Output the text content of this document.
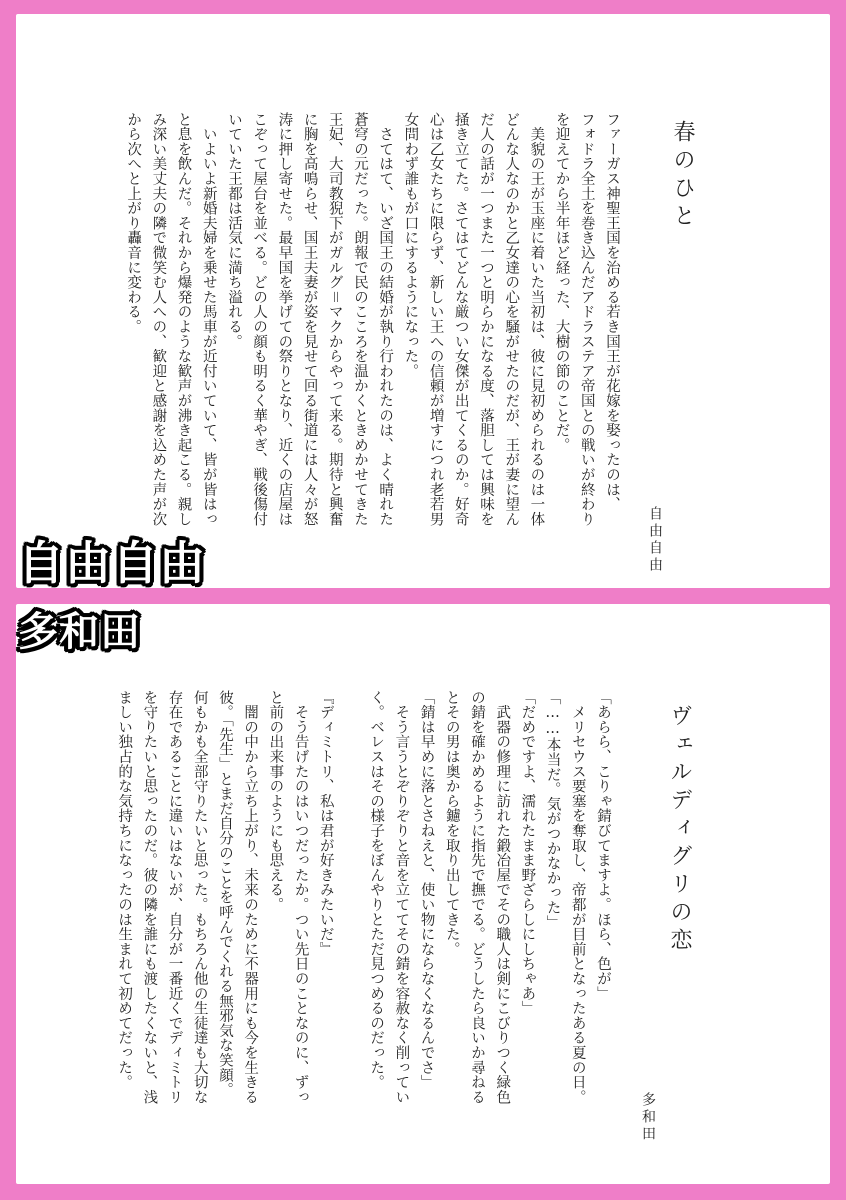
春のひと
自由自由

ファーガス神聖王国を治める若き国王が花嫁を娶ったのは、

フォドラ全土を巻き込んだアドラステア帝国との戦いが終わり

を迎えてから半年ほど経った、大樹の節のことだ。

　美貌の王が玉座に着いた当初は、彼に見初められるのは一体

どんな人なのかと乙女達の心を騒がせたのだが、王が妻に望ん

だ人の話が一つまた一つと明らかになる度、落胆しては興味を

掻き立てた。さてはてどんな厳つい女傑が出てくるのか。好奇

心は乙女たちに限らず、新しい王への信頼が増すにつれ老若男

女問わず誰もが口にするようになった。

　さてはて、いざ国王の結婚が執り行われたのは、よく晴れた

蒼穹の元だった。朗報で民のこころを温かくときめかせてきた

王妃、大司教猊下がガルグ＝マクからやって来る。期待と興奮

に胸を高鳴らせ、国王夫妻が姿を見せて回る街道には人々が怒

涛に押し寄せた。最早国を挙げての祭りとなり、近くの店屋は

こぞって屋台を並べる。どの人の顔も明るく華やぎ、戦後傷付

いていた王都は活気に満ち溢れる。

　いよいよ新婚夫婦を乗せた馬車が近付いていて、皆が皆はっ

と息を飲んだ。それから爆発のような歓声が沸き起こる。親し

み深い美丈夫の隣で微笑む人への、歓迎と感謝を込めた声が次

から次へと上がり轟音に変わる。

ヴェルディグリの恋
多和田

「あらら、こりゃ錆びてますよ。ほら、色が」

　メリセウス要塞を奪取し、帝都が目前となったある夏の日。

「……本当だ。気がつかなかった」

「だめですよ、濡れたまま野ざらしにしちゃあ」

　武器の修理に訪れた鍛冶屋でその職人は剣にこびりつく緑色

の錆を確かめるように指先で撫でる。どうしたら良いか尋ねる

とその男は奥から鑢を取り出してきた。

「錆は早めに落とさねえと、使い物にならなくなるんでさ」

　そう言うとぞりぞりと音を立ててその錆を容赦なく削ってい

く。ベレスはその様子をぼんやりとただ見つめるのだった。

『ディミトリ、私は君が好きみたいだ』

　そう告げたのはいつだったか。つい先日のことなのに、ずっ

と前の出来事のようにも思える。

　闇の中から立ち上がり、未来のために不器用にも今を生きる

彼。「先生」とまだ自分のことを呼んでくれる無邪気な笑顔。

何もかも全部守りたいと思った。もちろん他の生徒達も大切な

存在であることに違いはないが、自分が一番近くでディミトリ

を守りたいと思ったのだ。彼の隣を誰にも渡したくないと、浅

ましい独占的な気持ちになったのは生まれて初めてだった。

自由自由
多和田
